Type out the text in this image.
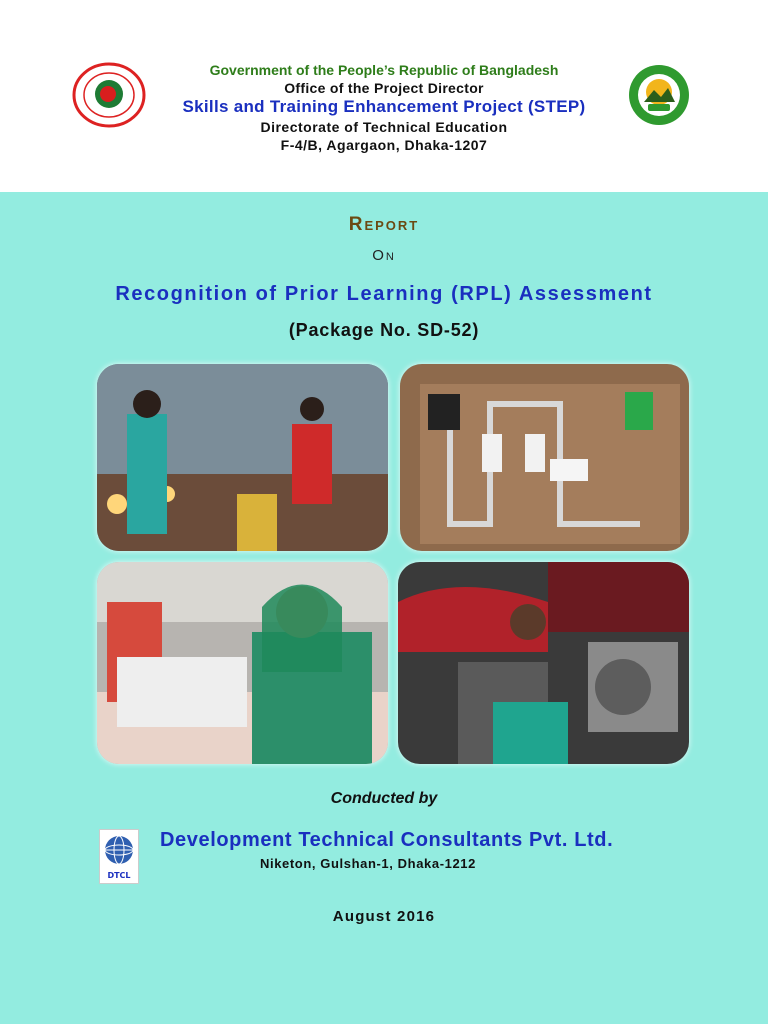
Government of the People’s Republic of Bangladesh
Office of the Project Director
Skills and Training Enhancement Project (STEP)
Directorate of Technical Education
F-4/B, Agargaon, Dhaka-1207
Report
On
Recognition of Prior Learning (RPL) Assessment
(Package No. SD-52)
Conducted by
DTCL
Development Technical Consultants Pvt. Ltd.
Niketon, Gulshan-1, Dhaka-1212
August 2016
